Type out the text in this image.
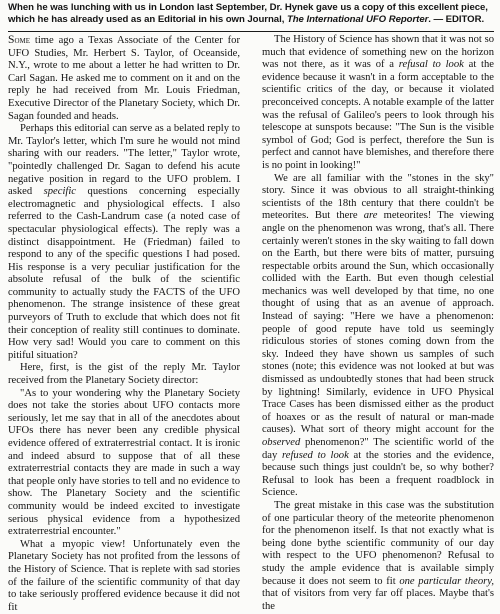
When he was lunching with us in London last September, Dr. Hynek gave us a copy of this excellent piece, which he has already used as an Editorial in his own Journal, The International UFO Reporter. — EDITOR.

Some time ago a Texas Associate of the Center for UFO Studies, Mr. Herbert S. Taylor, of Oceanside, N.Y., wrote to me about a letter he had written to Dr. Carl Sagan. He asked me to comment on it and on the reply he had received from Mr. Louis Friedman, Executive Director of the Planetary Society, which Dr. Sagan founded and heads.

Perhaps this editorial can serve as a belated reply to Mr. Taylor's letter, which I'm sure he would not mind sharing with our readers. "The letter," Taylor wrote, "pointedly challenged Dr. Sagan to defend his acute negative position in regard to the UFO problem. I asked specific questions concerning especially electromagnetic and physiological effects. I also referred to the Cash-Landrum case (a noted case of spectacular physiological effects). The reply was a distinct disappointment. He (Friedman) failed to respond to any of the specific questions I had posed. His response is a very peculiar justification for the absolute refusal of the bulk of the scientific community to actually study the FACTS of the UFO phenomenon. The strange insistence of these great purveyors of Truth to exclude that which does not fit their conception of reality still continues to dominate. How very sad! Would you care to comment on this pitiful situation?

Here, first, is the gist of the reply Mr. Taylor received from the Planetary Society director:

"As to your wondering why the Planetary Society does not take the stories about UFO contacts more seriously, let me say that in all of the anecdotes about UFOs there has never been any credible physical evidence offered of extraterrestrial contact. It is ironic and indeed absurd to suppose that of all these extraterrestrial contacts they are made in such a way that people only have stories to tell and no evidence to show. The Planetary Society and the scientific community would be indeed excited to investigate serious physical evidence from a hypothesized extraterrestrial encounter."

What a myopic view! Unfortunately even the Planetary Society has not profited from the lessons of the History of Science. That is replete with sad stories of the failure of the scientific community of that day to take seriously proffered evidence because it did not fit

The History of Science has shown that it was not so much that evidence of something new on the horizon was not there, as it was of a refusal to look at the evidence because it wasn't in a form acceptable to the scientific critics of the day, or because it violated preconceived concepts. A notable example of the latter was the refusal of Galileo's peers to look through his telescope at sunspots because: "The Sun is the visible symbol of God; God is perfect, therefore the Sun is perfect and cannot have blemishes, and therefore there is no point in looking!"

We are all familiar with the "stones in the sky" story. Since it was obvious to all straight-thinking scientists of the 18th century that there couldn't be meteorites. But there are meteorites! The viewing angle on the phenomenon was wrong, that's all. There certainly weren't stones in the sky waiting to fall down on the Earth, but there were bits of matter, pursuing respectable orbits around the Sun, which occasionally collided with the Earth. But even though celestial mechanics was well developed by that time, no one thought of using that as an avenue of approach. Instead of saying: "Here we have a phenomenon: people of good repute have told us seemingly ridiculous stories of stones coming down from the sky. Indeed they have shown us samples of such stones (note; this evidence was not looked at but was dismissed as undoubtedly stones that had been struck by lightning! Similarly, evidence in UFO Physical Trace Cases has been dismissed either as the product of hoaxes or as the result of natural or man-made causes). What sort of theory might account for the observed phenomenon?" The scientific world of the day refused to look at the stories and the evidence, because such things just couldn't be, so why bother? Refusal to look has been a frequent roadblock in Science.

The great mistake in this case was the substitution of one particular theory of the meteorite phenomenon for the phenomenon itself. Is that not exactly what is being done bythe scientific community of our day with respect to the UFO phenomenon? Refusal to study the ample evidence that is available simply because it does not seem to fit one particular theory, that of visitors from very far off places. Maybe that's the
